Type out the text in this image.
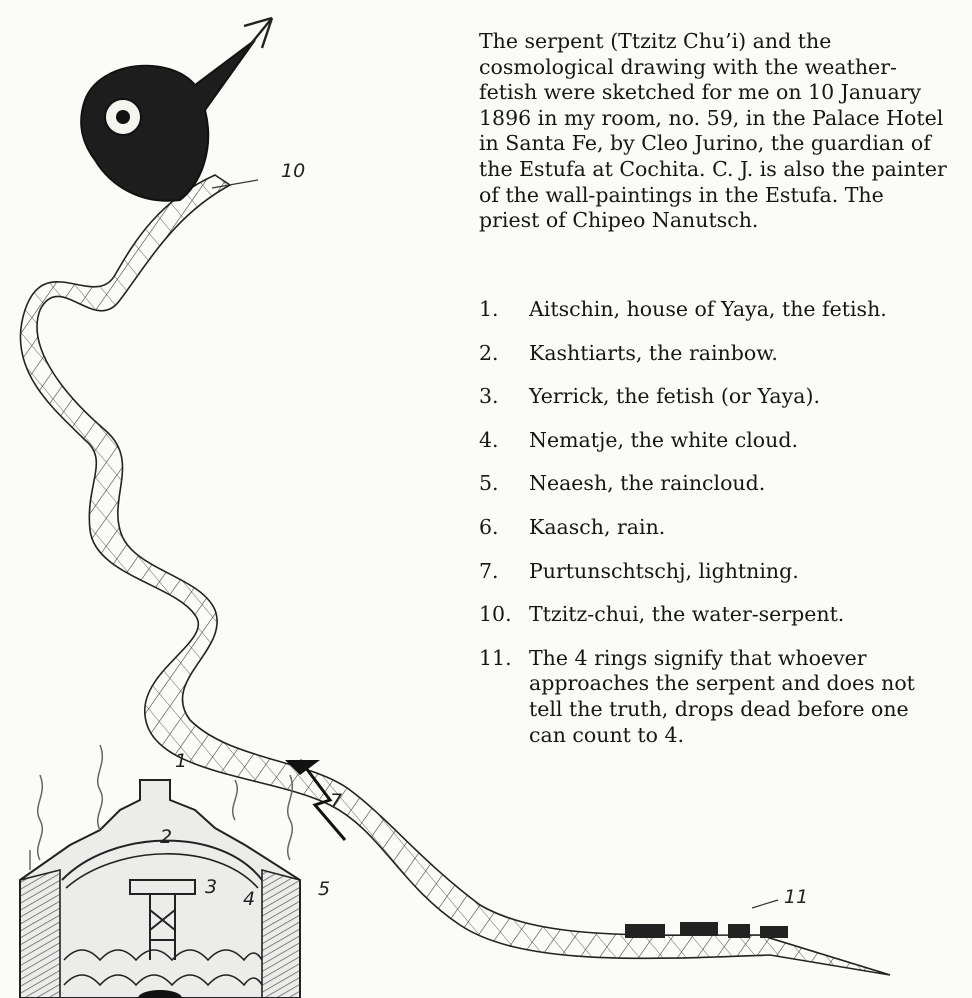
10
11
1
2
3
4	5
7

The serpent (Ttzitz Chu’i) and the cosmological drawing with the weather-fetish were sketched for me on 10 January 1896 in my room, no. 59, in the Palace Hotel in Santa Fe, by Cleo Jurino, the guardian of the Estufa at Cochita. C. J. is also the painter of the wall-paintings in the Estufa. The priest of Chipeo Nanutsch.

1.	Aitschin, house of Yaya, the fetish.
2.	Kashtiarts, the rainbow.
3.	Yerrick, the fetish (or Yaya).
4.	Nematje, the white cloud.
5.	Neaesh, the raincloud.
6.	Kaasch, rain.
7.	Purtunschtschj, lightning.
10. Ttzitz-chui, the water-serpent.
11. The 4 rings signify that whoever approaches the serpent and does not tell the truth, drops dead before one can count to 4.
